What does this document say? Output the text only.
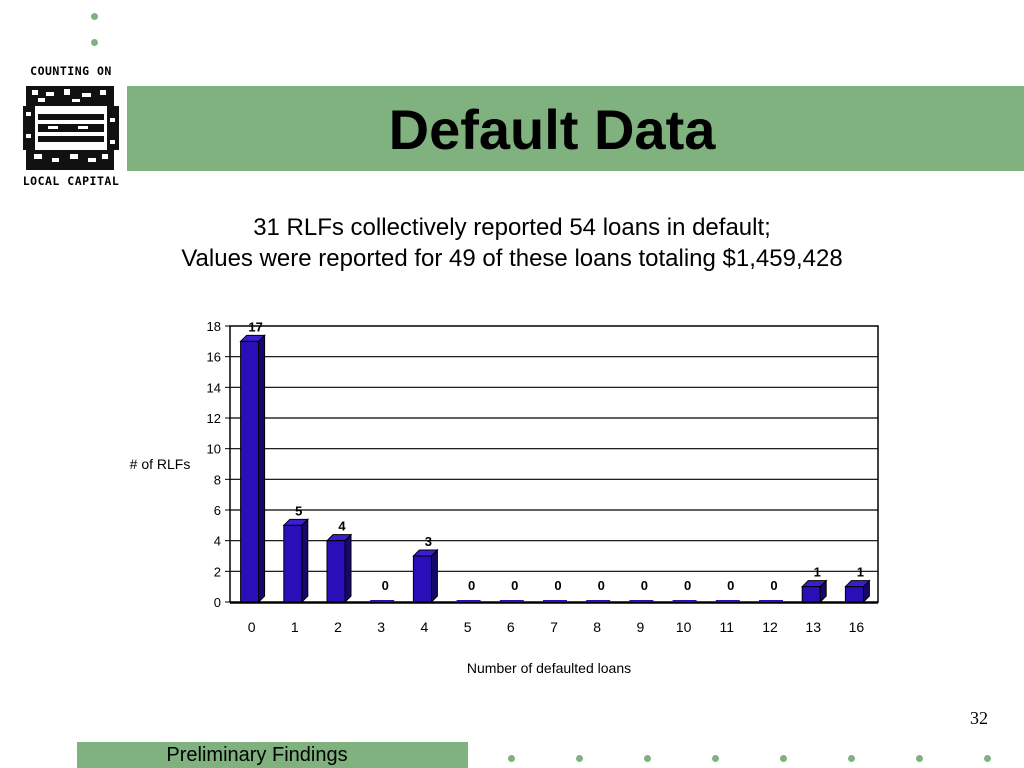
Default Data
COUNTING ON
LOCAL CAPITAL
31 RLFs collectively reported 54 loans in default;
Values were reported for 49 of these loans totaling $1,459,428
17
5
4
0
3
0	0	0	0	0	0	0	0
1	1
0
2
4
6
8
10
12
14
16
18
0	1	2	3	4	5	6	7	8	9 10 11 12 13 16
# of RLFs
Number of defaulted loans
32
Preliminary Findings
